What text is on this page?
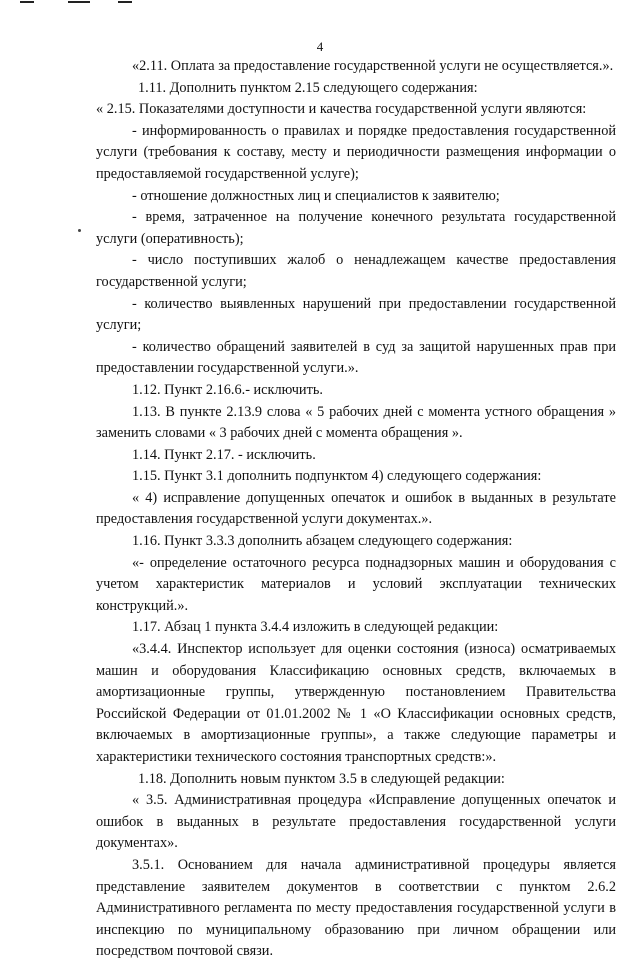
4

«2.11. Оплата за предоставление государственной услуги не осуществляется.».

1.11. Дополнить пунктом 2.15 следующего содержания:

« 2.15. Показателями доступности и качества государственной услуги являются:

- информированность о правилах и порядке предоставления государственной услуги (требования к составу, месту и периодичности размещения информации о предоставляемой государственной услуге);

- отношение должностных лиц и специалистов к заявителю;

- время, затраченное на получение конечного результата государственной услуги (оперативность);

- число поступивших жалоб о ненадлежащем качестве предоставления государственной услуги;

- количество выявленных нарушений при предоставлении государственной услуги;

- количество обращений заявителей в суд за защитой нарушенных прав при предоставлении государственной услуги.».

1.12. Пункт 2.16.6.- исключить.

1.13. В пункте 2.13.9 слова « 5 рабочих дней с момента устного обращения » заменить словами « 3 рабочих дней с момента обращения ».

1.14. Пункт 2.17. - исключить.

1.15. Пункт 3.1 дополнить подпунктом 4) следующего содержания:

« 4) исправление допущенных опечаток и ошибок в выданных в результате предоставления государственной услуги документах.».

1.16. Пункт 3.3.3 дополнить абзацем следующего содержания:

«- определение остаточного ресурса поднадзорных машин и оборудования с учетом характеристик материалов и условий эксплуатации технических конструкций.».

1.17. Абзац 1 пункта 3.4.4 изложить в следующей редакции:

«3.4.4. Инспектор использует для оценки состояния (износа) осматриваемых машин и оборудования Классификацию основных средств, включаемых в амортизационные группы, утвержденную постановлением Правительства Российской Федерации от 01.01.2002 № 1 «О Классификации основных средств, включаемых в амортизационные группы», а также следующие параметры и характеристики технического состояния транспортных средств:».

1.18. Дополнить новым пунктом 3.5 в следующей редакции:

« 3.5. Административная процедура «Исправление допущенных опечаток и ошибок в выданных в результате предоставления государственной услуги документах».

3.5.1. Основанием для начала административной процедуры является представление заявителем документов в соответствии с пунктом 2.6.2 Административного регламента по месту предоставления государственной услуги в инспекцию по муниципальному образованию при личном обращении или посредством почтовой связи.
